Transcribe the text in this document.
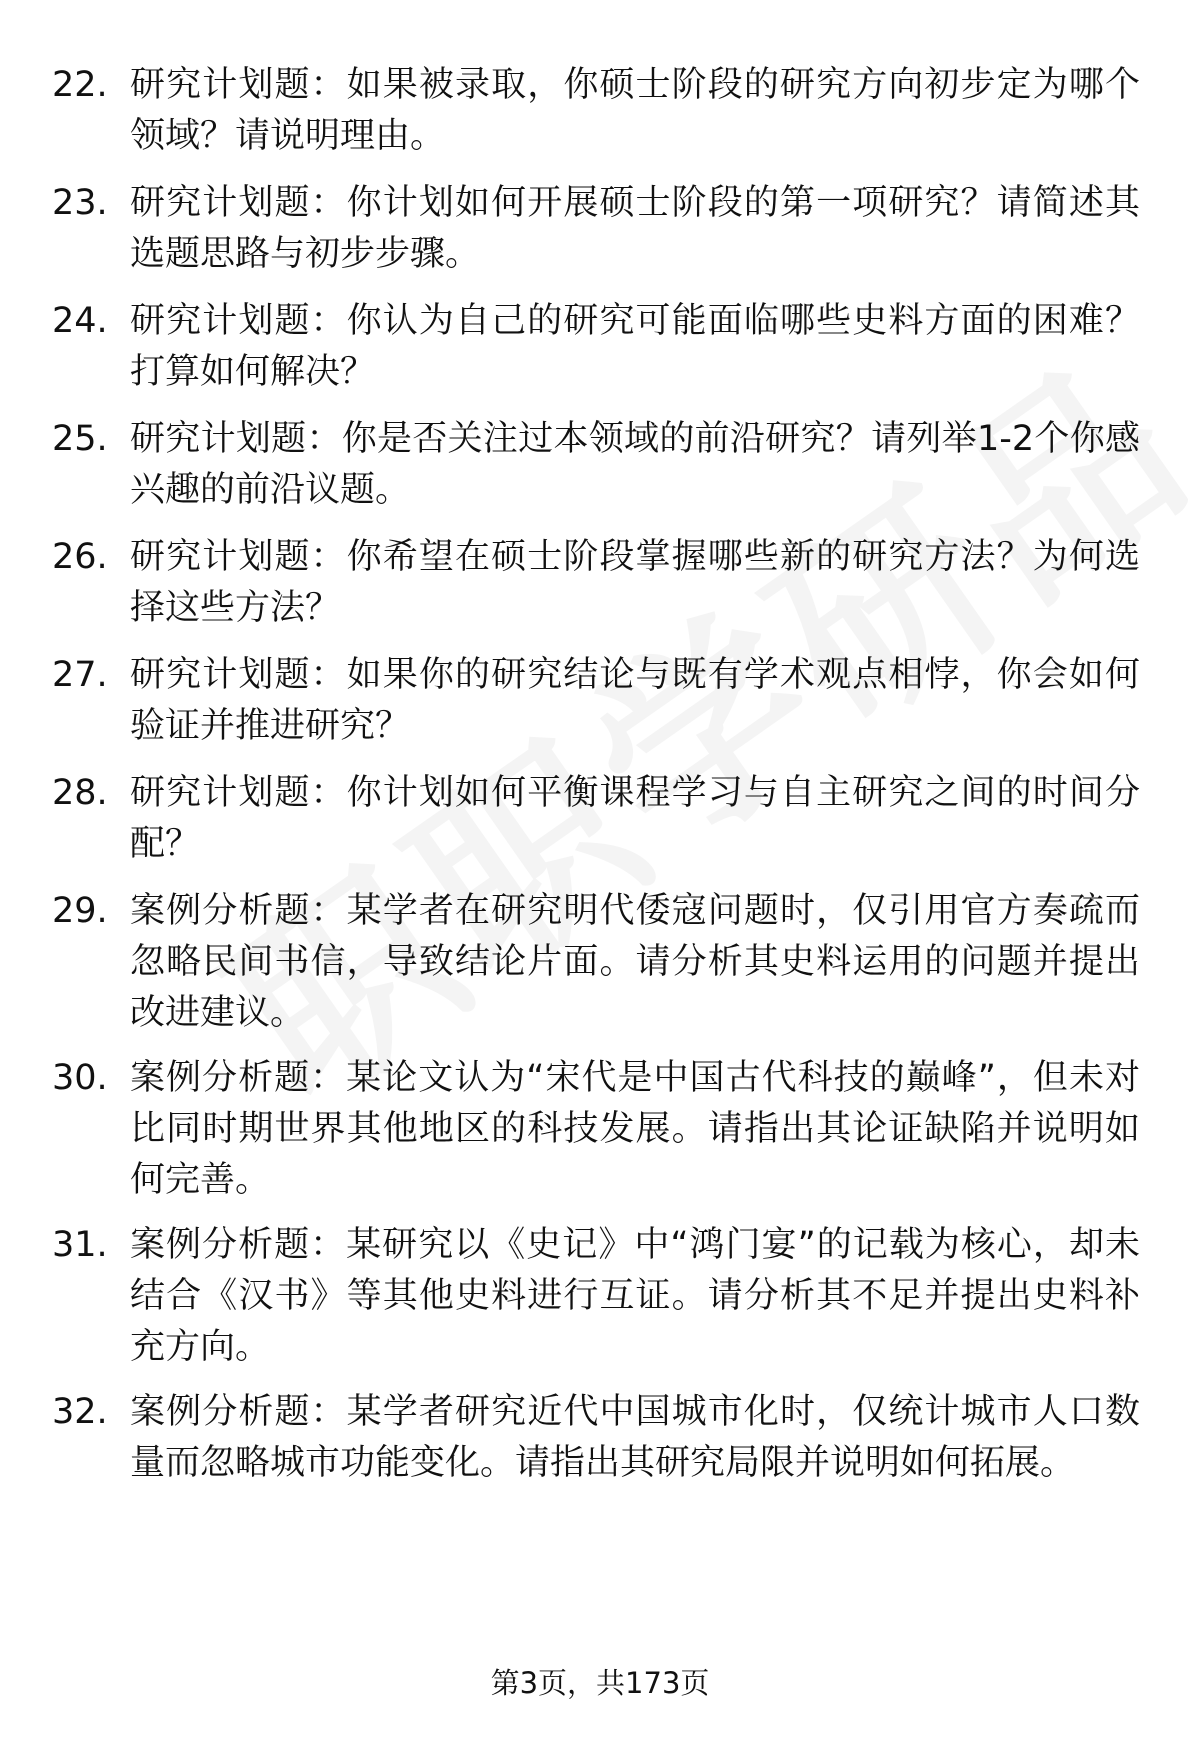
22. 研究计划题：如果被录取，你硕士阶段的研究方向初步定为哪个领域？请说明理由。
23. 研究计划题：你计划如何开展硕士阶段的第一项研究？请简述其选题思路与初步步骤。
24. 研究计划题：你认为自己的研究可能面临哪些史料方面的困难？打算如何解决？
25. 研究计划题：你是否关注过本领域的前沿研究？请列举1-2个你感兴趣的前沿议题。
26. 研究计划题：你希望在硕士阶段掌握哪些新的研究方法？为何选择这些方法？
27. 研究计划题：如果你的研究结论与既有学术观点相悖，你会如何验证并推进研究？
28. 研究计划题：你计划如何平衡课程学习与自主研究之间的时间分配？
29. 案例分析题：某学者在研究明代倭寇问题时，仅引用官方奏疏而忽略民间书信，导致结论片面。请分析其史料运用的问题并提出改进建议。
30. 案例分析题：某论文认为“宋代是中国古代科技的巅峰”，但未对比同时期世界其他地区的科技发展。请指出其论证缺陷并说明如何完善。
31. 案例分析题：某研究以《史记》中“鸿门宴”的记载为核心，却未结合《汉书》等其他史料进行互证。请分析其不足并提出史料补充方向。
32. 案例分析题：某学者研究近代中国城市化时，仅统计城市人口数量而忽略城市功能变化。请指出其研究局限并说明如何拓展。
第3页，共173页
